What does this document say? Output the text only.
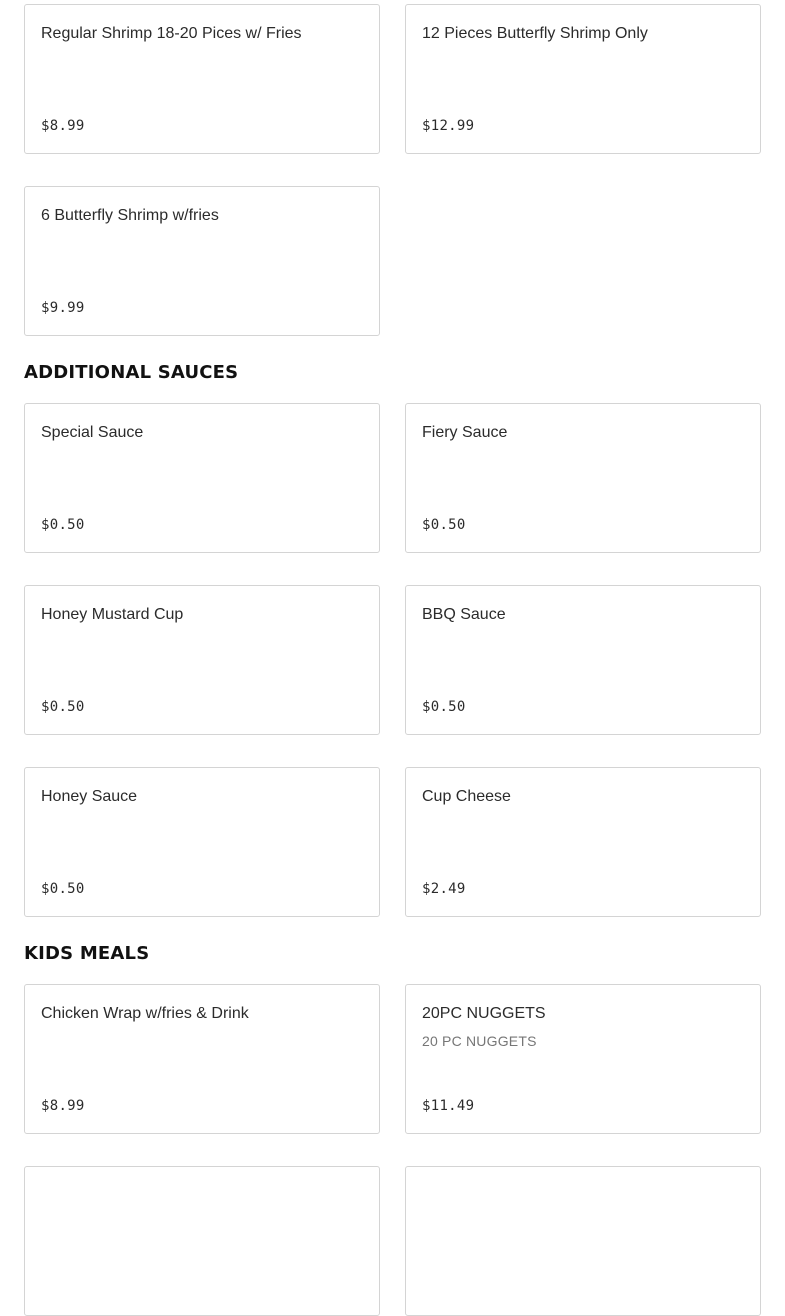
Regular Shrimp 18-20 Pices w/ Fries
$8.99
12 Pieces Butterfly Shrimp Only
$12.99
6 Butterfly Shrimp w/fries
$9.99
ADDITIONAL SAUCES
Special Sauce
$0.50
Fiery Sauce
$0.50
Honey Mustard Cup
$0.50
BBQ Sauce
$0.50
Honey Sauce
$0.50
Cup Cheese
$2.49
KIDS MEALS
Chicken Wrap w/fries & Drink
$8.99
20PC NUGGETS
20 PC NUGGETS
$11.49
